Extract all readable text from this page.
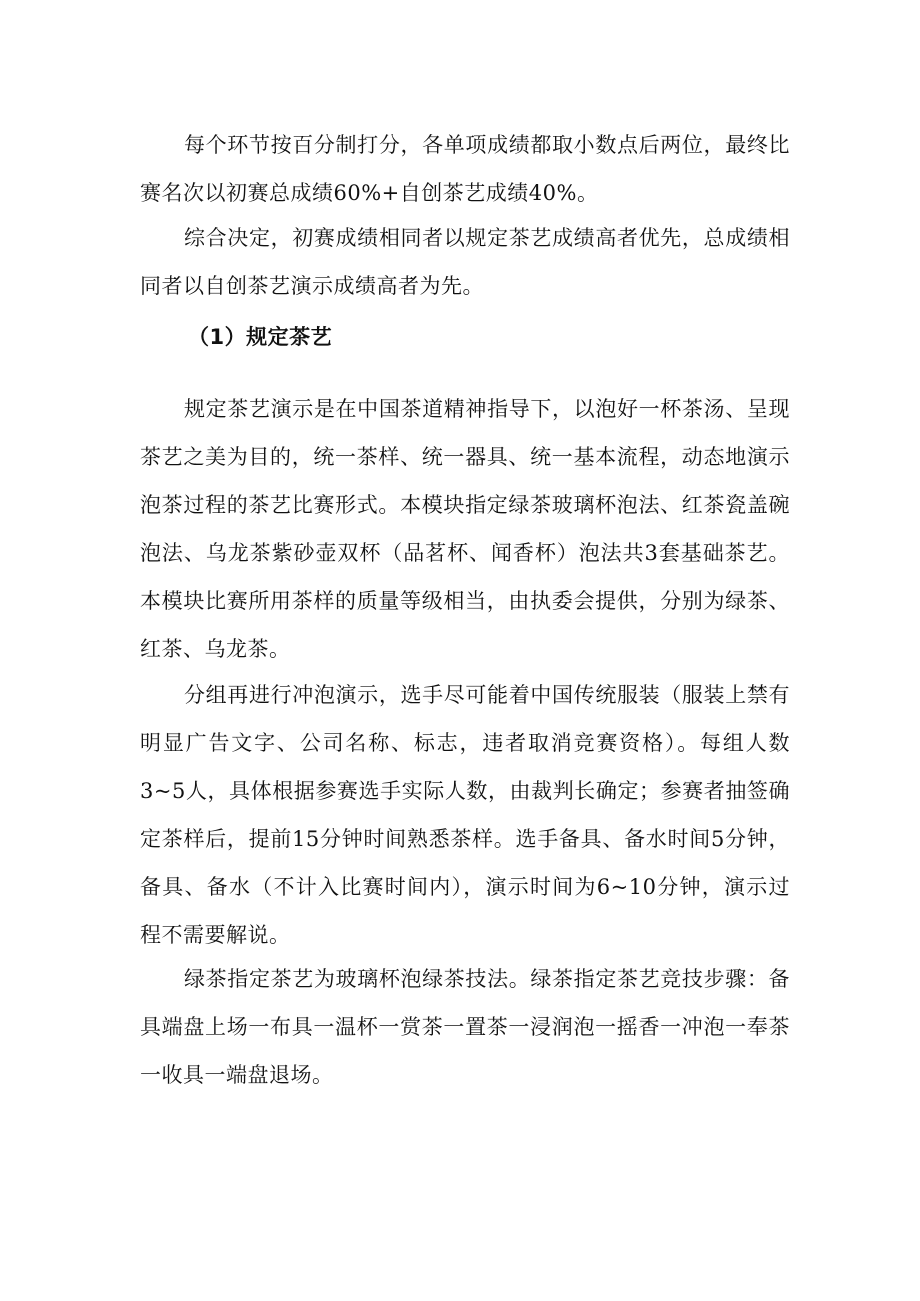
每个环节按百分制打分，各单项成绩都取小数点后两位，最终比赛名次以初赛总成绩60%+自创茶艺成绩40%。

综合决定，初赛成绩相同者以规定茶艺成绩高者优先，总成绩相同者以自创茶艺演示成绩高者为先。

（1）规定茶艺

规定茶艺演示是在中国茶道精神指导下，以泡好一杯茶汤、呈现茶艺之美为目的，统一茶样、统一器具、统一基本流程，动态地演示泡茶过程的茶艺比赛形式。本模块指定绿茶玻璃杯泡法、红茶瓷盖碗泡法、乌龙茶紫砂壶双杯（品茗杯、闻香杯）泡法共3套基础茶艺。本模块比赛所用茶样的质量等级相当，由执委会提供，分别为绿茶、红茶、乌龙茶。

分组再进行冲泡演示，选手尽可能着中国传统服装（服装上禁有明显广告文字、公司名称、标志，违者取消竞赛资格）。每组人数3~5人，具体根据参赛选手实际人数，由裁判长确定；参赛者抽签确定茶样后，提前15分钟时间熟悉茶样。选手备具、备水时间5分钟，备具、备水（不计入比赛时间内），演示时间为6~10分钟，演示过程不需要解说。

绿茶指定茶艺为玻璃杯泡绿茶技法。绿茶指定茶艺竞技步骤：备具端盘上场一布具一温杯一赏茶一置茶一浸润泡一摇香一冲泡一奉茶一收具一端盘退场。
